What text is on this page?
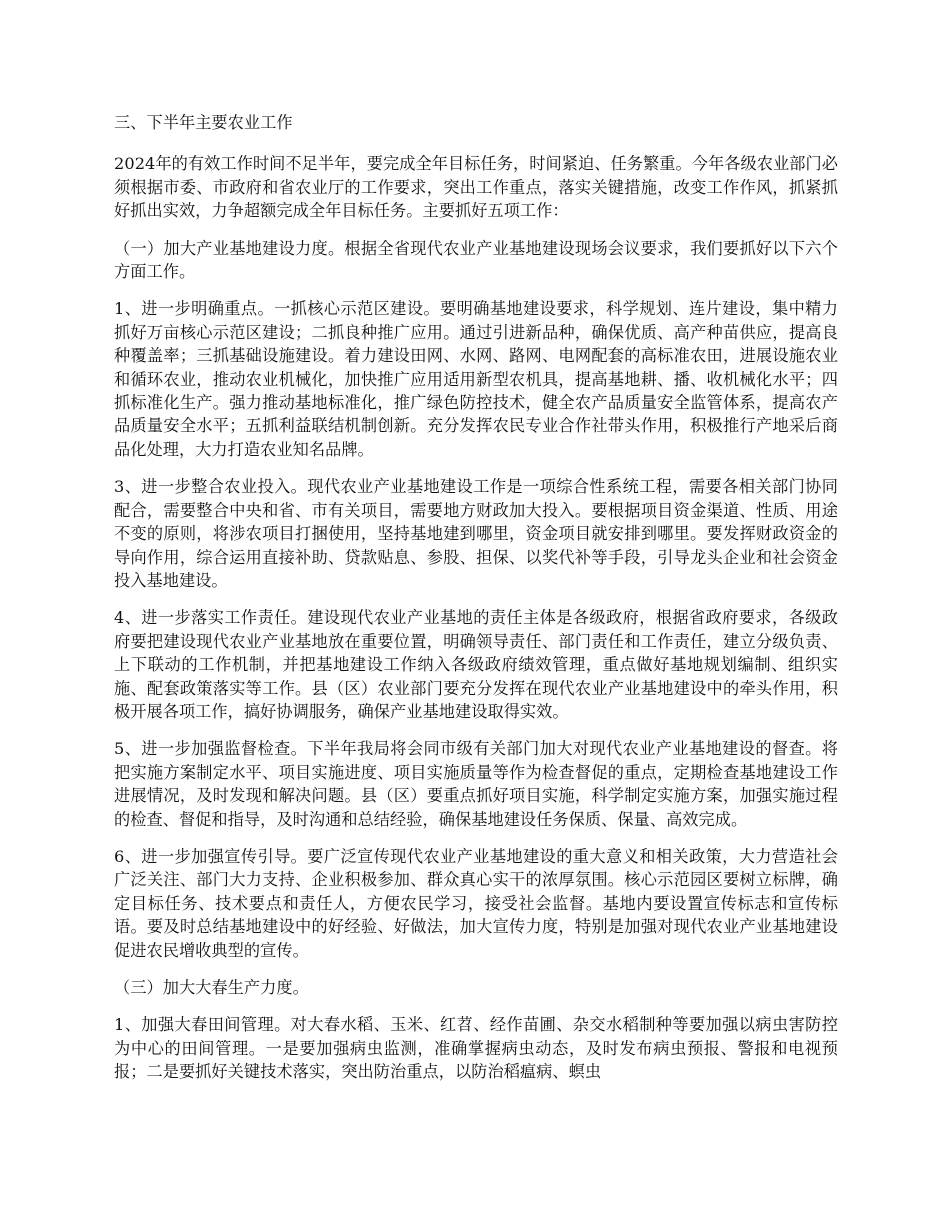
三、下半年主要农业工作

2024年的有效工作时间不足半年，要完成全年目标任务，时间紧迫、任务繁重。今年各级农业部门必须根据市委、市政府和省农业厅的工作要求，突出工作重点，落实关键措施，改变工作作风，抓紧抓好抓出实效，力争超额完成全年目标任务。主要抓好五项工作：

（一）加大产业基地建设力度。根据全省现代农业产业基地建设现场会议要求，我们要抓好以下六个方面工作。

1、进一步明确重点。一抓核心示范区建设。要明确基地建设要求，科学规划、连片建设，集中精力抓好万亩核心示范区建设；二抓良种推广应用。通过引进新品种，确保优质、高产种苗供应，提高良种覆盖率；三抓基础设施建设。着力建设田网、水网、路网、电网配套的高标准农田，进展设施农业和循环农业，推动农业机械化，加快推广应用适用新型农机具，提高基地耕、播、收机械化水平；四抓标准化生产。强力推动基地标准化，推广绿色防控技术，健全农产品质量安全监管体系，提高农产品质量安全水平；五抓利益联结机制创新。充分发挥农民专业合作社带头作用，积极推行产地采后商品化处理，大力打造农业知名品牌。

3、进一步整合农业投入。现代农业产业基地建设工作是一项综合性系统工程，需要各相关部门协同配合，需要整合中央和省、市有关项目，需要地方财政加大投入。要根据项目资金渠道、性质、用途不变的原则，将涉农项目打捆使用，坚持基地建到哪里，资金项目就安排到哪里。要发挥财政资金的导向作用，综合运用直接补助、贷款贴息、参股、担保、以奖代补等手段，引导龙头企业和社会资金投入基地建设。

4、进一步落实工作责任。建设现代农业产业基地的责任主体是各级政府，根据省政府要求，各级政府要把建设现代农业产业基地放在重要位置，明确领导责任、部门责任和工作责任，建立分级负责、上下联动的工作机制，并把基地建设工作纳入各级政府绩效管理，重点做好基地规划编制、组织实施、配套政策落实等工作。县（区）农业部门要充分发挥在现代农业产业基地建设中的牵头作用，积极开展各项工作，搞好协调服务，确保产业基地建设取得实效。

5、进一步加强监督检查。下半年我局将会同市级有关部门加大对现代农业产业基地建设的督查。将把实施方案制定水平、项目实施进度、项目实施质量等作为检查督促的重点，定期检查基地建设工作进展情况，及时发现和解决问题。县（区）要重点抓好项目实施，科学制定实施方案，加强实施过程的检查、督促和指导，及时沟通和总结经验，确保基地建设任务保质、保量、高效完成。

6、进一步加强宣传引导。要广泛宣传现代农业产业基地建设的重大意义和相关政策，大力营造社会广泛关注、部门大力支持、企业积极参加、群众真心实干的浓厚氛围。核心示范园区要树立标牌，确定目标任务、技术要点和责任人，方便农民学习，接受社会监督。基地内要设置宣传标志和宣传标语。要及时总结基地建设中的好经验、好做法，加大宣传力度，特别是加强对现代农业产业基地建设促进农民增收典型的宣传。

（三）加大大春生产力度。

1、加强大春田间管理。对大春水稻、玉米、红苕、经作苗圃、杂交水稻制种等要加强以病虫害防控为中心的田间管理。一是要加强病虫监测，准确掌握病虫动态，及时发布病虫预报、警报和电视预报；二是要抓好关键技术落实，突出防治重点，以防治稻瘟病、螟虫
